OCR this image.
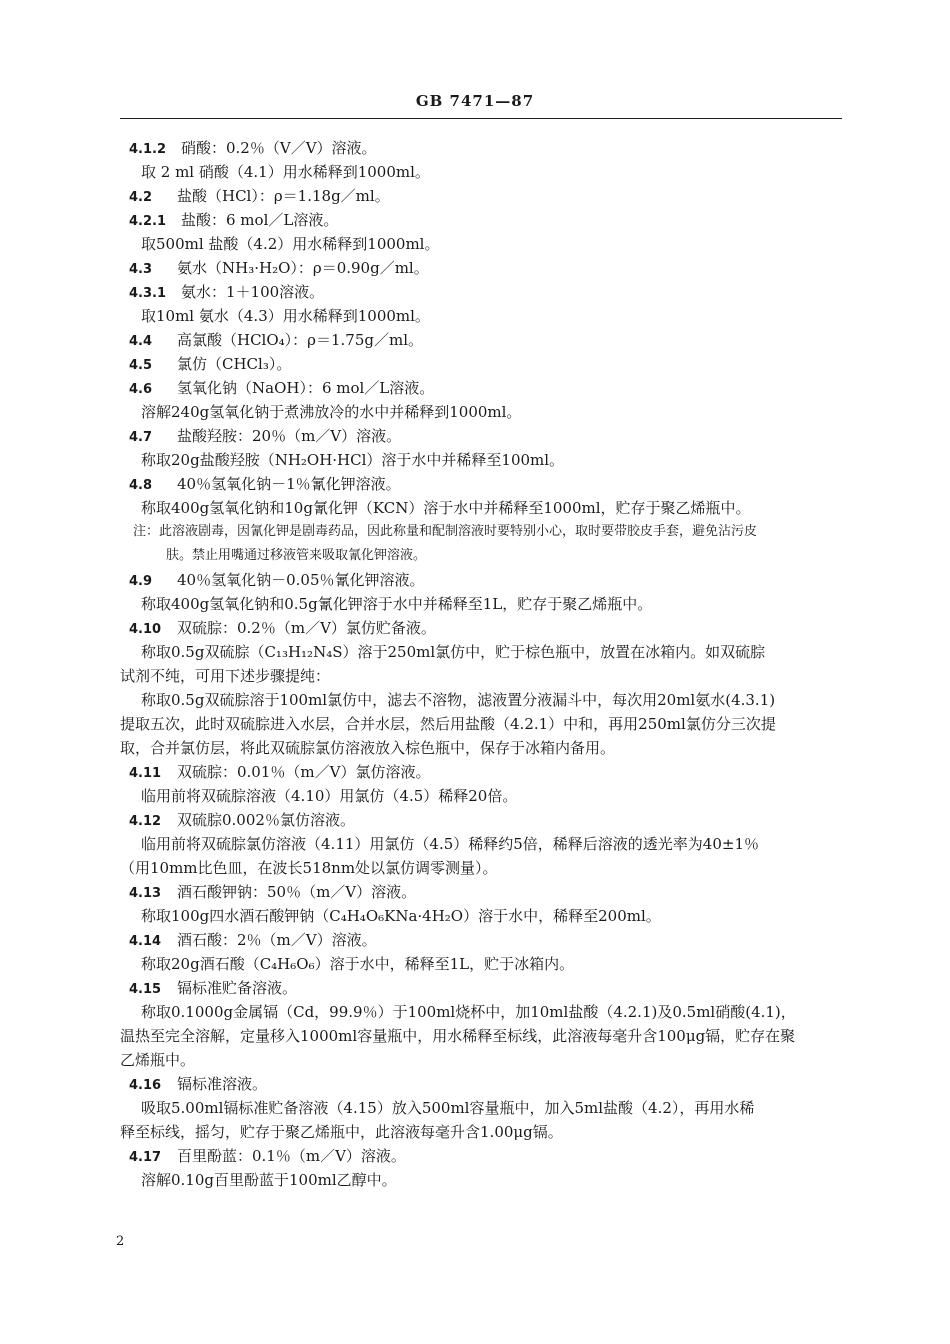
GB 7471—87
4.1.2 硝酸：0.2％（V／V）溶液。
取 2 ml 硝酸（4.1）用水稀释到1000ml。
4.2 盐酸（HCl）：ρ＝1.18g／ml。
4.2.1 盐酸：6 mol／L溶液。
取500ml 盐酸（4.2）用水稀释到1000ml。
4.3 氨水（NH₃·H₂O）：ρ＝0.90g／ml。
4.3.1 氨水：1＋100溶液。
取10ml 氨水（4.3）用水稀释到1000ml。
4.4 高氯酸（HClO₄）：ρ＝1.75g／ml。
4.5 氯仿（CHCl₃）。
4.6 氢氧化钠（NaOH）：6 mol／L溶液。
溶解240g氢氧化钠于煮沸放冷的水中并稀释到1000ml。
4.7 盐酸羟胺：20％（m／V）溶液。
称取20g盐酸羟胺（NH₂OH·HCl）溶于水中并稀释至100ml。
4.8 40％氢氧化钠－1％氰化钾溶液。
称取400g氢氧化钠和10g氰化钾（KCN）溶于水中并稀释至1000ml，贮存于聚乙烯瓶中。
注：此溶液剧毒，因氰化钾是剧毒药品，因此称量和配制溶液时要特别小心，取时要带胶皮手套，避免沾污皮
肤。禁止用嘴通过移液管来吸取氰化钾溶液。
4.9 40％氢氧化钠－0.05％氰化钾溶液。
称取400g氢氧化钠和0.5g氰化钾溶于水中并稀释至1L，贮存于聚乙烯瓶中。
4.10 双硫腙：0.2％（m／V）氯仿贮备液。
称取0.5g双硫腙（C₁₃H₁₂N₄S）溶于250ml氯仿中，贮于棕色瓶中，放置在冰箱内。如双硫腙
试剂不纯，可用下述步骤提纯：
称取0.5g双硫腙溶于100ml氯仿中，滤去不溶物，滤液置分液漏斗中，每次用20ml氨水(4.3.1)
提取五次，此时双硫腙进入水层，合并水层，然后用盐酸（4.2.1）中和，再用250ml氯仿分三次提
取，合并氯仿层，将此双硫腙氯仿溶液放入棕色瓶中，保存于冰箱内备用。
4.11 双硫腙：0.01％（m／V）氯仿溶液。
临用前将双硫腙溶液（4.10）用氯仿（4.5）稀释20倍。
4.12 双硫腙0.002％氯仿溶液。
临用前将双硫腙氯仿溶液（4.11）用氯仿（4.5）稀释约5倍，稀释后溶液的透光率为40±1％
（用10mm比色皿，在波长518nm处以氯仿调零测量）。
4.13 酒石酸钾钠：50％（m／V）溶液。
称取100g四水酒石酸钾钠（C₄H₄O₆KNa·4H₂O）溶于水中，稀释至200ml。
4.14 酒石酸：2％（m／V）溶液。
称取20g酒石酸（C₄H₆O₆）溶于水中，稀释至1L，贮于冰箱内。
4.15 镉标准贮备溶液。
称取0.1000g金属镉（Cd，99.9％）于100ml烧杯中，加10ml盐酸（4.2.1)及0.5ml硝酸(4.1)，
温热至完全溶解，定量移入1000ml容量瓶中，用水稀释至标线，此溶液每毫升含100μg镉，贮存在聚
乙烯瓶中。
4.16 镉标准溶液。
吸取5.00ml镉标准贮备溶液（4.15）放入500ml容量瓶中，加入5ml盐酸（4.2），再用水稀
释至标线，摇匀，贮存于聚乙烯瓶中，此溶液每毫升含1.00μg镉。
4.17 百里酚蓝：0.1％（m／V）溶液。
溶解0.10g百里酚蓝于100ml乙醇中。
2
